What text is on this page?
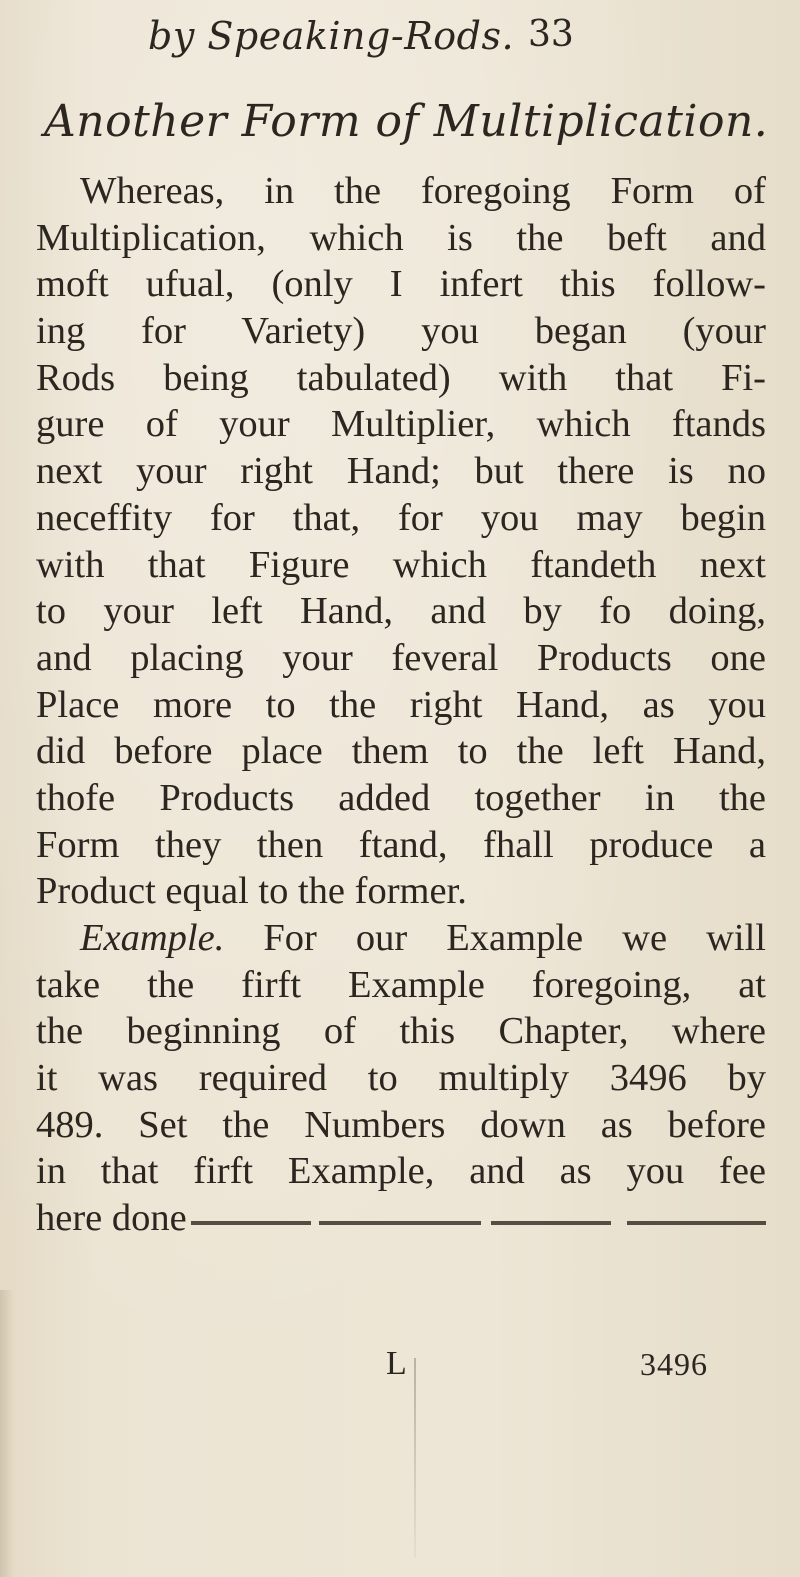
by Speaking-Rods. 33
Another Form of Multiplication.
Whereas, in the foregoing Form of
Multiplication, which is the beft and
moft ufual, (only I infert this follow-
ing for Variety) you began (your
Rods being tabulated) with that Fi-
gure of your Multiplier, which ftands
next your right Hand; but there is no
neceffity for that, for you may begin
with that Figure which ftandeth next
to your left Hand, and by fo doing,
and placing your feveral Products one
Place more to the right Hand, as you
did before place them to the left Hand,
thofe Products added together in the
Form they then ftand, fhall produce a
Product equal to the former.
Example. For our Example we will
take the firft Example foregoing, at
the beginning of this Chapter, where
it was required to multiply 3496 by
489. Set the Numbers down as before
in that firft Example, and as you fee
here done
L	3496
